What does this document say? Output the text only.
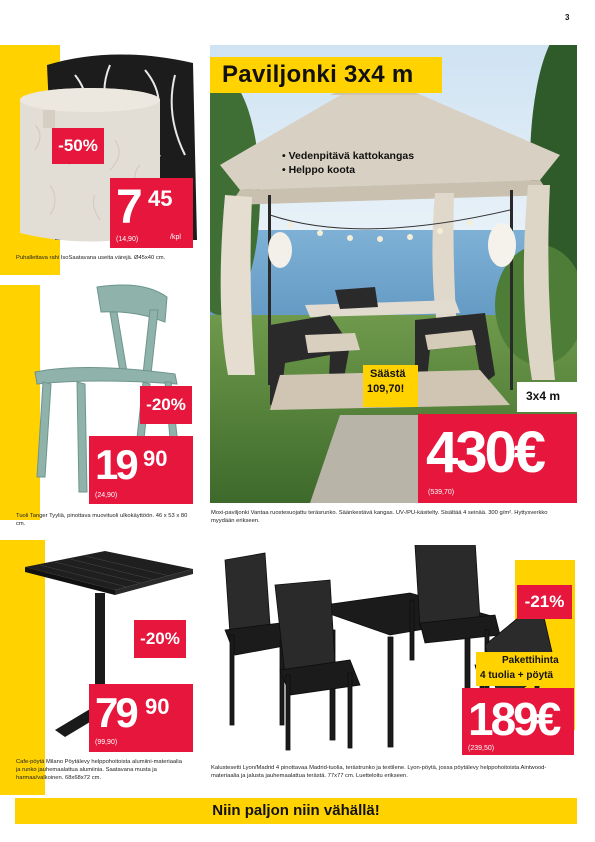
3
-50%
7 45
(14,90)	/kpl
Puhallettava rahi IsoSaatavana useita värejä. Ø45x40 cm.
-20%
19 90
(24,90)
Tuoli Tanger Tyyliä, pinottava muovituoli ulkokäyttöön. 46 x 53 x 80 cm.
Paviljonki 3x4 m
• Vedenpitävä kattokangas
• Helppo koota
Säästä
109,70!	3x4 m
430€
(539,70)
Moxi-paviljonki Vantaa ruostesuojattu teräsrunko. Säänkestävä kangas. UV-/PU-käsitelty. Sisältää 4 seinää. 300 g/m². Hyttysverkko myydään erikseen.
-20%
79 90
(99,90)
Cafe-pöytä Milano Pöytälevy helppohoitoista alumiini-materiaalia ja runko jauhemaalattua alumiinia. Saatavana musta ja harmaa/valkoinen. 68x68x72 cm.
-21%
Pakettihinta
4 tuolia + pöytä
189€
(239,50)
Kalustesetti Lyon/Madrid 4 pinottavaa Madrid-tuolia, terästrunko ja textilene. Lyon-pöytä, jossa pöytälevy helppohoitoista Aintwood-materiaalia ja jalusta jauhemaalattua terästä. 77x77 cm. Luetteloitu erikseen.
Niin paljon niin vähällä!
